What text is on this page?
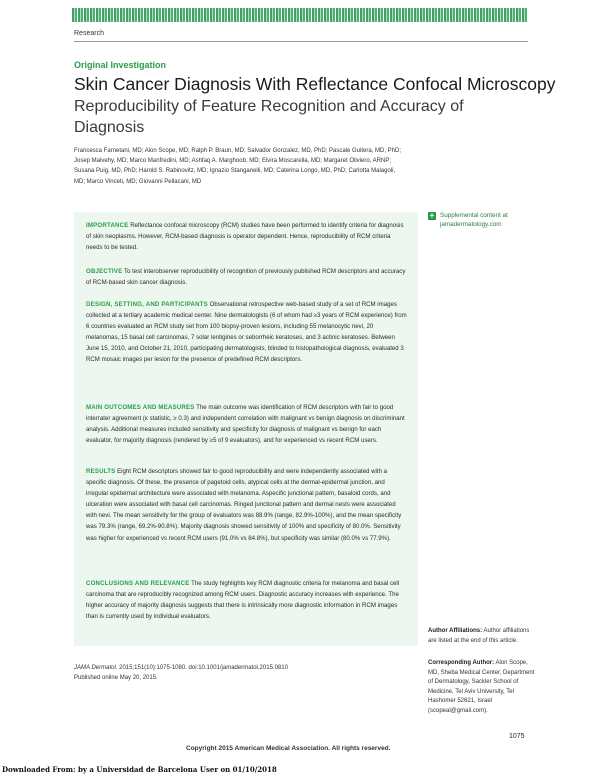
Research
Original Investigation
Skin Cancer Diagnosis With Reflectance Confocal Microscopy
Reproducibility of Feature Recognition and Accuracy of Diagnosis
Francesca Farnetani, MD; Alon Scope, MD; Ralph P. Braun, MD; Salvador Gonzalez, MD, PhD; Pascale Guitera, MD, PhD; Josep Malvehy, MD; Marco Manfredini, MD; Ashfaq A. Marghoob, MD; Elvira Moscarella, MD; Margaret Oliviero, ARNP; Susana Puig, MD, PhD; Harold S. Rabinovitz, MD; Ignazio Stanganelli, MD; Caterina Longo, MD, PhD; Carlotta Malagoli, MD; Marco Vinceti, MD; Giovanni Pellacani, MD
+ Supplemental content at jamadermatology.com
IMPORTANCE Reflectance confocal microscopy (RCM) studies have been performed to identify criteria for diagnosis of skin neoplasms. However, RCM-based diagnosis is operator dependent. Hence, reproducibility of RCM criteria needs to be tested.
OBJECTIVE To test interobserver reproducibility of recognition of previously published RCM descriptors and accuracy of RCM-based skin cancer diagnosis.
DESIGN, SETTING, AND PARTICIPANTS Observational retrospective web-based study of a set of RCM images collected at a tertiary academic medical center. Nine dermatologists (6 of whom had ≥3 years of RCM experience) from 6 countries evaluated an RCM study set from 100 biopsy-proven lesions, including 55 melanocytic nevi, 20 melanomas, 15 basal cell carcinomas, 7 solar lentigines or seborrheic keratoses, and 3 actinic keratoses. Between June 15, 2010, and October 21, 2010, participating dermatologists, blinded to histopathological diagnosis, evaluated 3 RCM mosaic images per lesion for the presence of predefined RCM descriptors.
MAIN OUTCOMES AND MEASURES The main outcome was identification of RCM descriptors with fair to good interrater agreement (κ statistic, ≥ 0.3) and independent correlation with malignant vs benign diagnosis on discriminant analysis. Additional measures included sensitivity and specificity for diagnosis of malignant vs benign for each evaluator, for majority diagnosis (rendered by ≥5 of 9 evaluators), and for experienced vs recent RCM users.
RESULTS Eight RCM descriptors showed fair to good reproducibility and were independently associated with a specific diagnosis. Of these, the presence of pagetoid cells, atypical cells at the dermal-epidermal junction, and irregular epidermal architecture were associated with melanoma. Aspecific junctional pattern, basaloid cords, and ulceration were associated with basal cell carcinomas. Ringed junctional pattern and dermal nests were associated with nevi. The mean sensitivity for the group of evaluators was 88.9% (range, 82.9%-100%), and the mean specificity was 79.3% (range, 69.2%-90.8%). Majority diagnosis showed sensitivity of 100% and specificity of 80.0%. Sensitivity was higher for experienced vs recent RCM users (91.0% vs 84.8%), but specificity was similar (80.0% vs 77.9%).
CONCLUSIONS AND RELEVANCE The study highlights key RCM diagnostic criteria for melanoma and basal cell carcinoma that are reproducibly recognized among RCM users. Diagnostic accuracy increases with experience. The higher accuracy of majority diagnosis suggests that there is intrinsically more diagnostic information in RCM images than is currently used by individual evaluators.
JAMA Dermatol. 2015;151(10):1075-1080. doi:10.1001/jamadermatol.2015.0810
Published online May 20, 2015.
Author Affiliations: Author affiliations are listed at the end of this article.
Corresponding Author: Alon Scope, MD, Sheba Medical Center, Department of Dermatology, Sackler School of Medicine, Tel Aviv University, Tel Hashomer 52621, Israel (scopeal@gmail.com).
1075
Copyright 2015 American Medical Association. All rights reserved.
Downloaded From: by a Universidad de Barcelona User on 01/10/2018
